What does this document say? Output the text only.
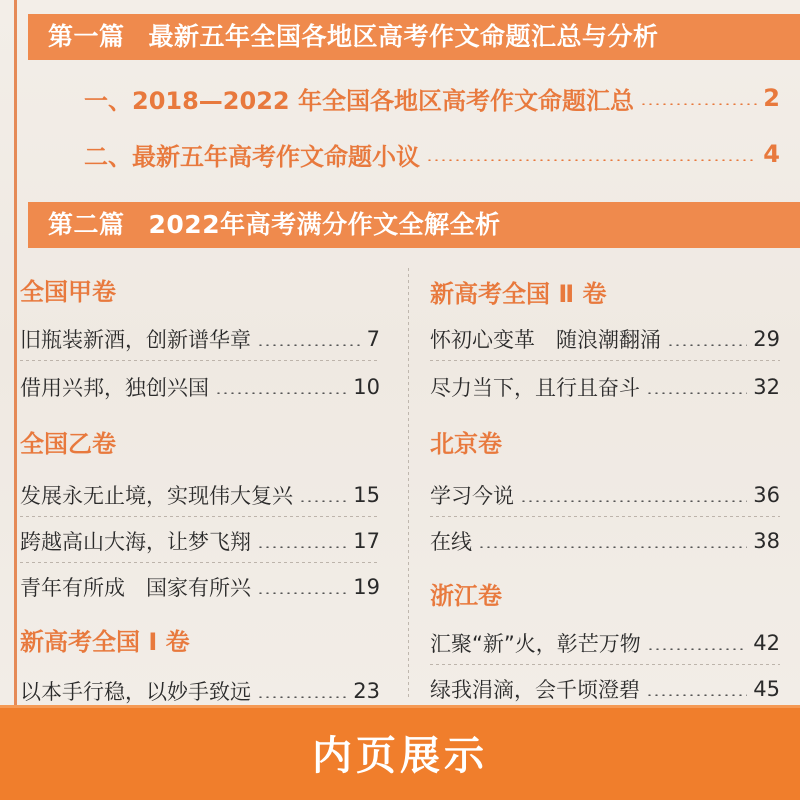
第一篇 最新五年全国各地区高考作文命题汇总与分析
一、2018—2022 年全国各地区高考作文命题汇总	2
二、最新五年高考作文命题小议	4
第二篇 2022年高考满分作文全解全析
全国甲卷
旧瓶装新酒，创新谱华章	7
借用兴邦，独创兴国	10
全国乙卷
发展永无止境，实现伟大复兴	15
跨越高山大海，让梦飞翔	17
青年有所成　国家有所兴	19
新高考全国 Ⅰ 卷
以本手行稳，以妙手致远	23
新高考全国 Ⅱ 卷
怀初心变革　随浪潮翻涌	29
尽力当下，且行且奋斗	32
北京卷
学习今说	36
在线	38
浙江卷
汇聚“新”火，彰芒万物	42
绿我涓滴，会千顷澄碧	45
内页展示
